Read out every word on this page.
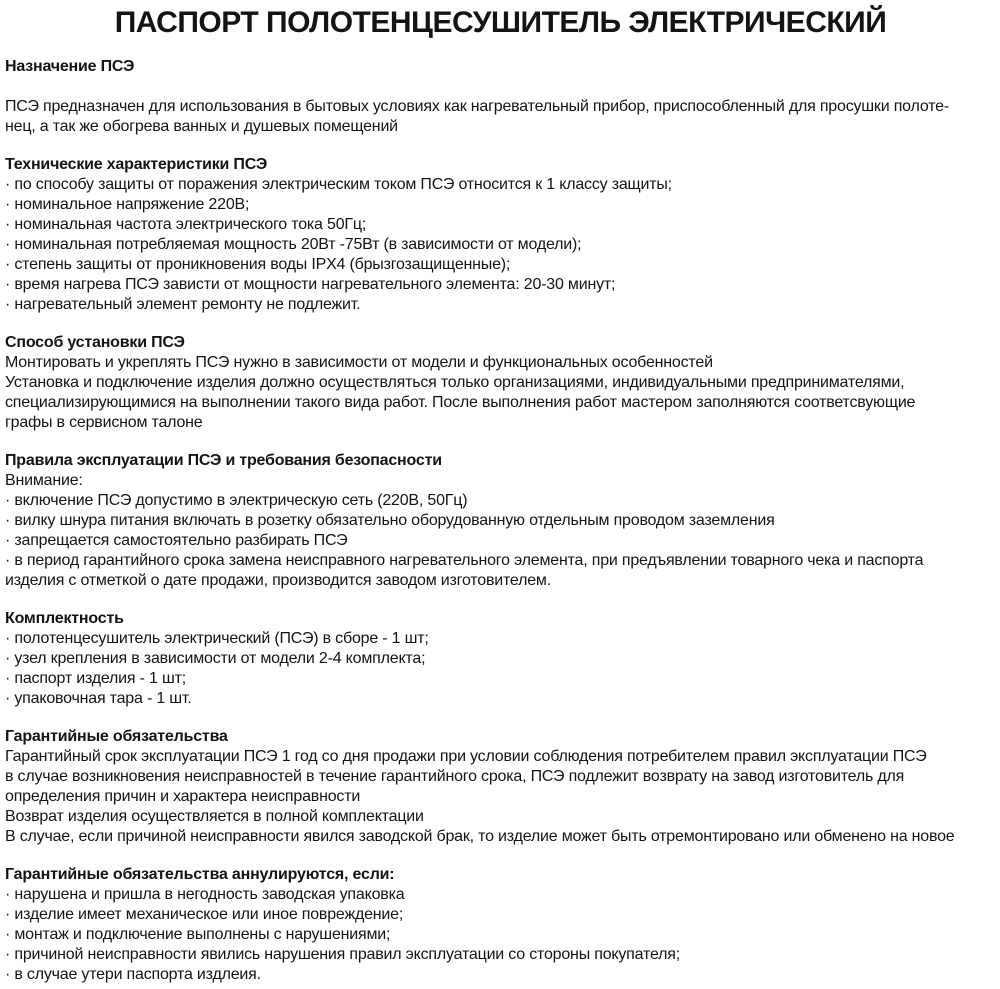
ПАСПОРТ ПОЛОТЕНЦЕСУШИТЕЛЬ ЭЛЕКТРИЧЕСКИЙ
Назначение ПСЭ
ПСЭ предназначен для использования в бытовых условиях как нагревательный прибор, приспособленный для просушки полоте-
нец, а так же обогрева ванных и душевых помещений
Технические характеристики ПСЭ
· по способу защиты от поражения электрическим током ПСЭ относится к 1 классу защиты;
· номинальное напряжение 220В;
· номинальная частота электрического тока 50Гц;
· номинальная потребляемая мощность 20Вт -75Вт (в зависимости от модели);
· степень защиты от проникновения воды IPX4 (брызгозащищенные);
· время нагрева ПСЭ зависти от мощности нагревательного элемента: 20-30 минут;
· нагревательный элемент ремонту не подлежит.
Способ установки ПСЭ
Монтировать и укреплять ПСЭ нужно в зависимости от модели и функциональных особенностей
Установка и подключение изделия должно осуществляться только организациями, индивидуальными предпринимателями,
специализирующимися на выполнении такого вида работ. После выполнения работ мастером заполняются соответсвующие
графы в сервисном талоне
Правила эксплуатации ПСЭ и требования безопасности
Внимание:
· включение ПСЭ допустимо в электрическую сеть (220В, 50Гц)
· вилку шнура питания включать в розетку обязательно оборудованную отдельным проводом заземления
· запрещается самостоятельно разбирать ПСЭ
· в период гарантийного срока замена неисправного нагревательного элемента, при предъявлении товарного чека и паспорта
изделия с отметкой о дате продажи, производится заводом изготовителем.
Комплектность
· полотенцесушитель электрический (ПСЭ) в сборе - 1 шт;
· узел крепления в зависимости от модели 2-4 комплекта;
· паспорт изделия - 1 шт;
· упаковочная тара - 1 шт.
Гарантийные обязательства
Гарантийный срок эксплуатации ПСЭ 1 год со дня продажи при условии соблюдения потребителем правил эксплуатации ПСЭ
в случае возникновения неисправностей в течение гарантийного срока, ПСЭ подлежит возврату на завод изготовитель для
определения причин и характера неисправности
Возврат изделия осуществляется в полной комплектации
В случае, если причиной неисправности явился заводской брак, то изделие может быть отремонтировано или обменено на новое
Гарантийные обязательства аннулируются, если:
· нарушена и пришла в негодность заводская упаковка
· изделие имеет механическое или иное повреждение;
· монтаж и подключение выполнены с нарушениями;
· причиной неисправности явились нарушения правил эксплуатации со стороны покупателя;
· в случае утери паспорта издлеия.
